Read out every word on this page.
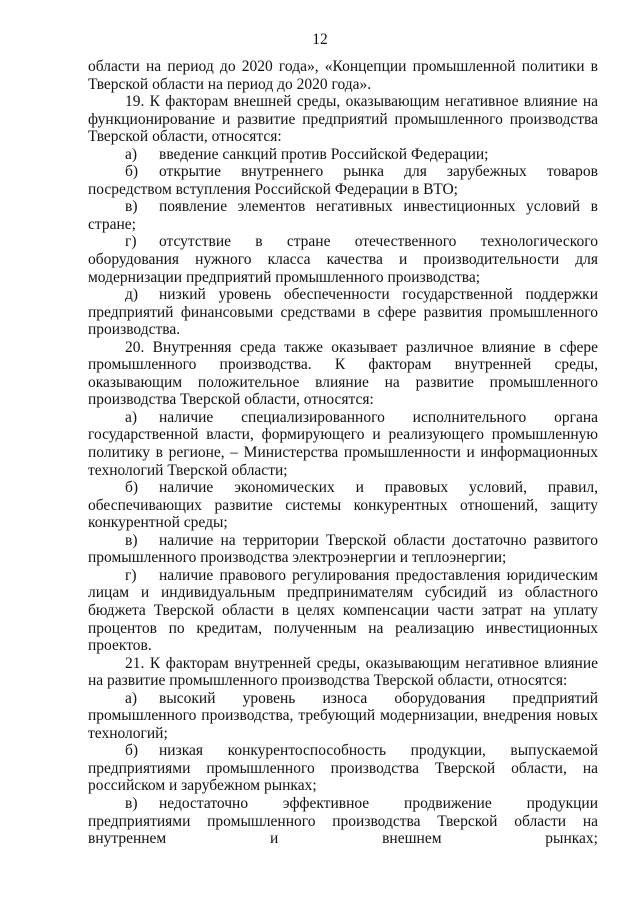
12

области на период до 2020 года», «Концепции промышленной политики в Тверской области на период до 2020 года».

19. К факторам внешней среды, оказывающим негативное влияние на функционирование и развитие предприятий промышленного производства Тверской области, относятся:

а) введение санкций против Российской Федерации;

б) открытие внутреннего рынка для зарубежных товаров посредством вступления Российской Федерации в ВТО;

в) появление элементов негативных инвестиционных условий в стране;

г) отсутствие в стране отечественного технологического оборудования нужного класса качества и производительности для модернизации предприятий промышленного производства;

д) низкий уровень обеспеченности государственной поддержки предприятий финансовыми средствами в сфере развития промышленного производства.

20. Внутренняя среда также оказывает различное влияние в сфере промышленного производства. К факторам внутренней среды, оказывающим положительное влияние на развитие промышленного производства Тверской области, относятся:

а) наличие специализированного исполнительного органа государственной власти, формирующего и реализующего промышленную политику в регионе, – Министерства промышленности и информационных технологий Тверской области;

б) наличие экономических и правовых условий, правил, обеспечивающих развитие системы конкурентных отношений, защиту конкурентной среды;

в) наличие на территории Тверской области достаточно развитого промышленного производства электроэнергии и теплоэнергии;

г) наличие правового регулирования предоставления юридическим лицам и индивидуальным предпринимателям субсидий из областного бюджета Тверской области в целях компенсации части затрат на уплату процентов по кредитам, полученным на реализацию инвестиционных проектов.

21. К факторам внутренней среды, оказывающим негативное влияние на развитие промышленного производства Тверской области, относятся:

а) высокий уровень износа оборудования предприятий промышленного производства, требующий модернизации, внедрения новых технологий;

б) низкая конкурентоспособность продукции, выпускаемой предприятиями промышленного производства Тверской области, на российском и зарубежном рынках;

в) недостаточно эффективное продвижение продукции предприятиями промышленного производства Тверской области на внутреннем и внешнем рынках;
